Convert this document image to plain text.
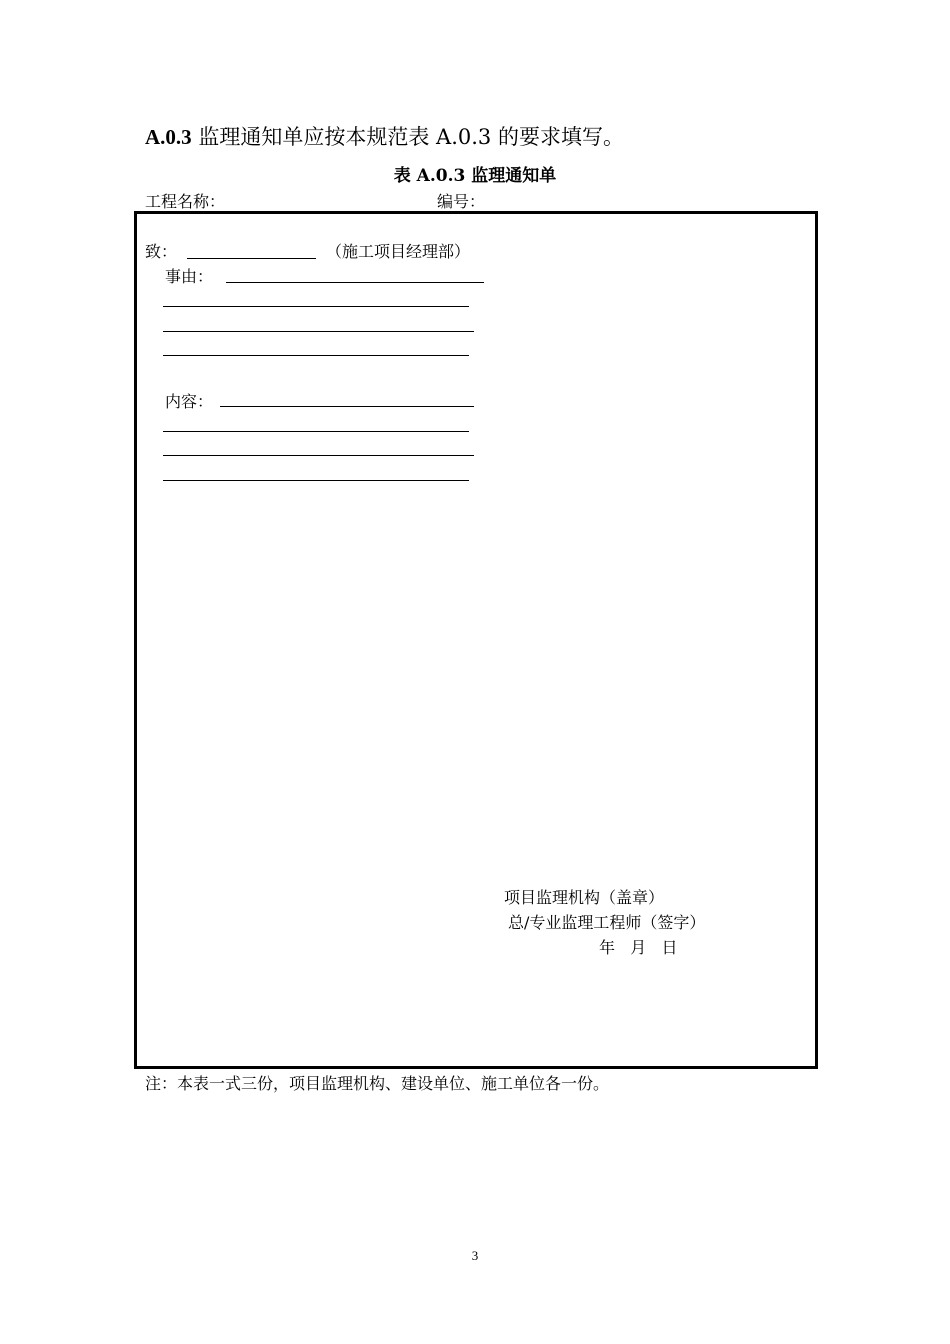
A.0.3 监理通知单应按本规范表 A.0.3 的要求填写。
表 A.0.3 监理通知单
工程名称：	编号：
致：	（施工项目经理部）
事由：
内容：
项目监理机构（盖章）
总/专业监理工程师（签字）
年   月   日
注：本表一式三份，项目监理机构、建设单位、施工单位各一份。
3
